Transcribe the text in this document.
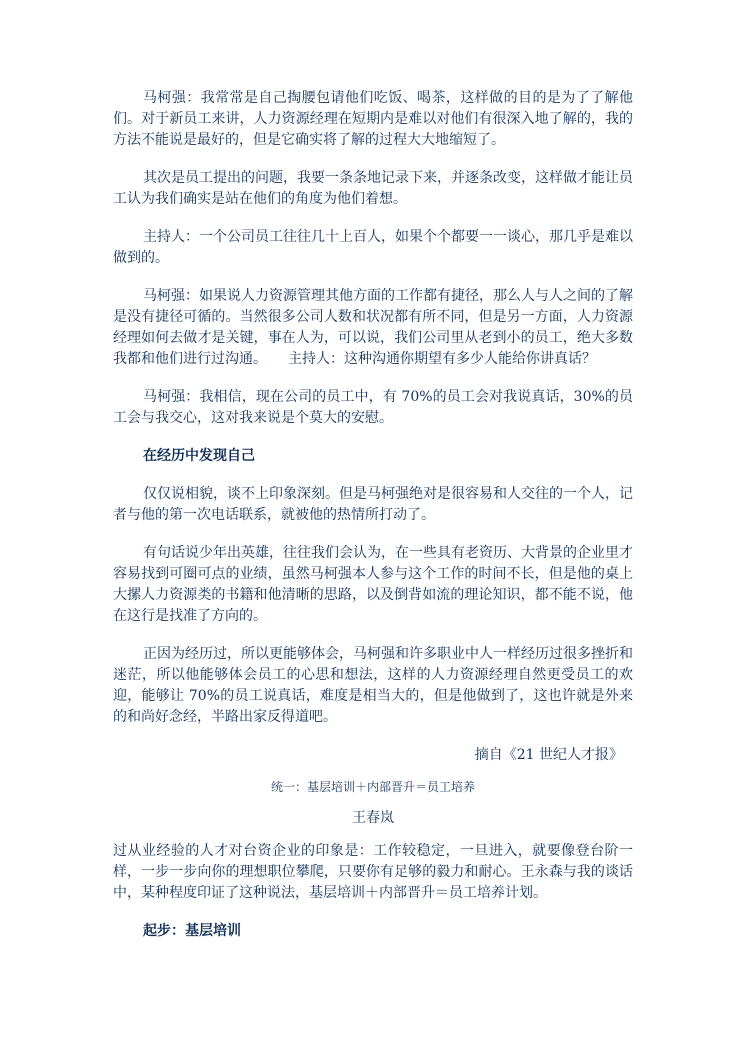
马柯强：我常常是自己掏腰包请他们吃饭、喝茶，这样做的目的是为了了解他们。对于新员工来讲，人力资源经理在短期内是难以对他们有很深入地了解的，我的方法不能说是最好的，但是它确实将了解的过程大大地缩短了。

其次是员工提出的问题，我要一条条地记录下来，并逐条改变，这样做才能让员工认为我们确实是站在他们的角度为他们着想。

主持人：一个公司员工往往几十上百人，如果个个都要一一谈心，那几乎是难以做到的。

马柯强：如果说人力资源管理其他方面的工作都有捷径，那么人与人之间的了解是没有捷径可循的。当然很多公司人数和状况都有所不同，但是另一方面，人力资源经理如何去做才是关键，事在人为，可以说，我们公司里从老到小的员工，绝大多数我都和他们进行过沟通。　　主持人：这种沟通你期望有多少人能给你讲真话？

马柯强：我相信，现在公司的员工中，有 70%的员工会对我说真话，30%的员工会与我交心，这对我来说是个莫大的安慰。

在经历中发现自己

仅仅说相貌，谈不上印象深刻。但是马柯强绝对是很容易和人交往的一个人，记者与他的第一次电话联系，就被他的热情所打动了。

有句话说少年出英雄，往往我们会认为，在一些具有老资历、大背景的企业里才容易找到可圈可点的业绩，虽然马柯强本人参与这个工作的时间不长，但是他的桌上大摞人力资源类的书籍和他清晰的思路，以及倒背如流的理论知识，都不能不说，他在这行是找准了方向的。

正因为经历过，所以更能够体会，马柯强和许多职业中人一样经历过很多挫折和迷茫，所以他能够体会员工的心思和想法，这样的人力资源经理自然更受员工的欢迎，能够让 70%的员工说真话，难度是相当大的，但是他做到了，这也许就是外来的和尚好念经，半路出家反得道吧。

摘自《21 世纪人才报》

统一：基层培训＋内部晋升＝员工培养

王春岚

过从业经验的人才对台资企业的印象是：工作较稳定，一旦进入，就要像登台阶一样，一步一步向你的理想职位攀爬，只要你有足够的毅力和耐心。王永森与我的谈话中，某种程度印证了这种说法，基层培训＋内部晋升＝员工培养计划。

起步：基层培训
